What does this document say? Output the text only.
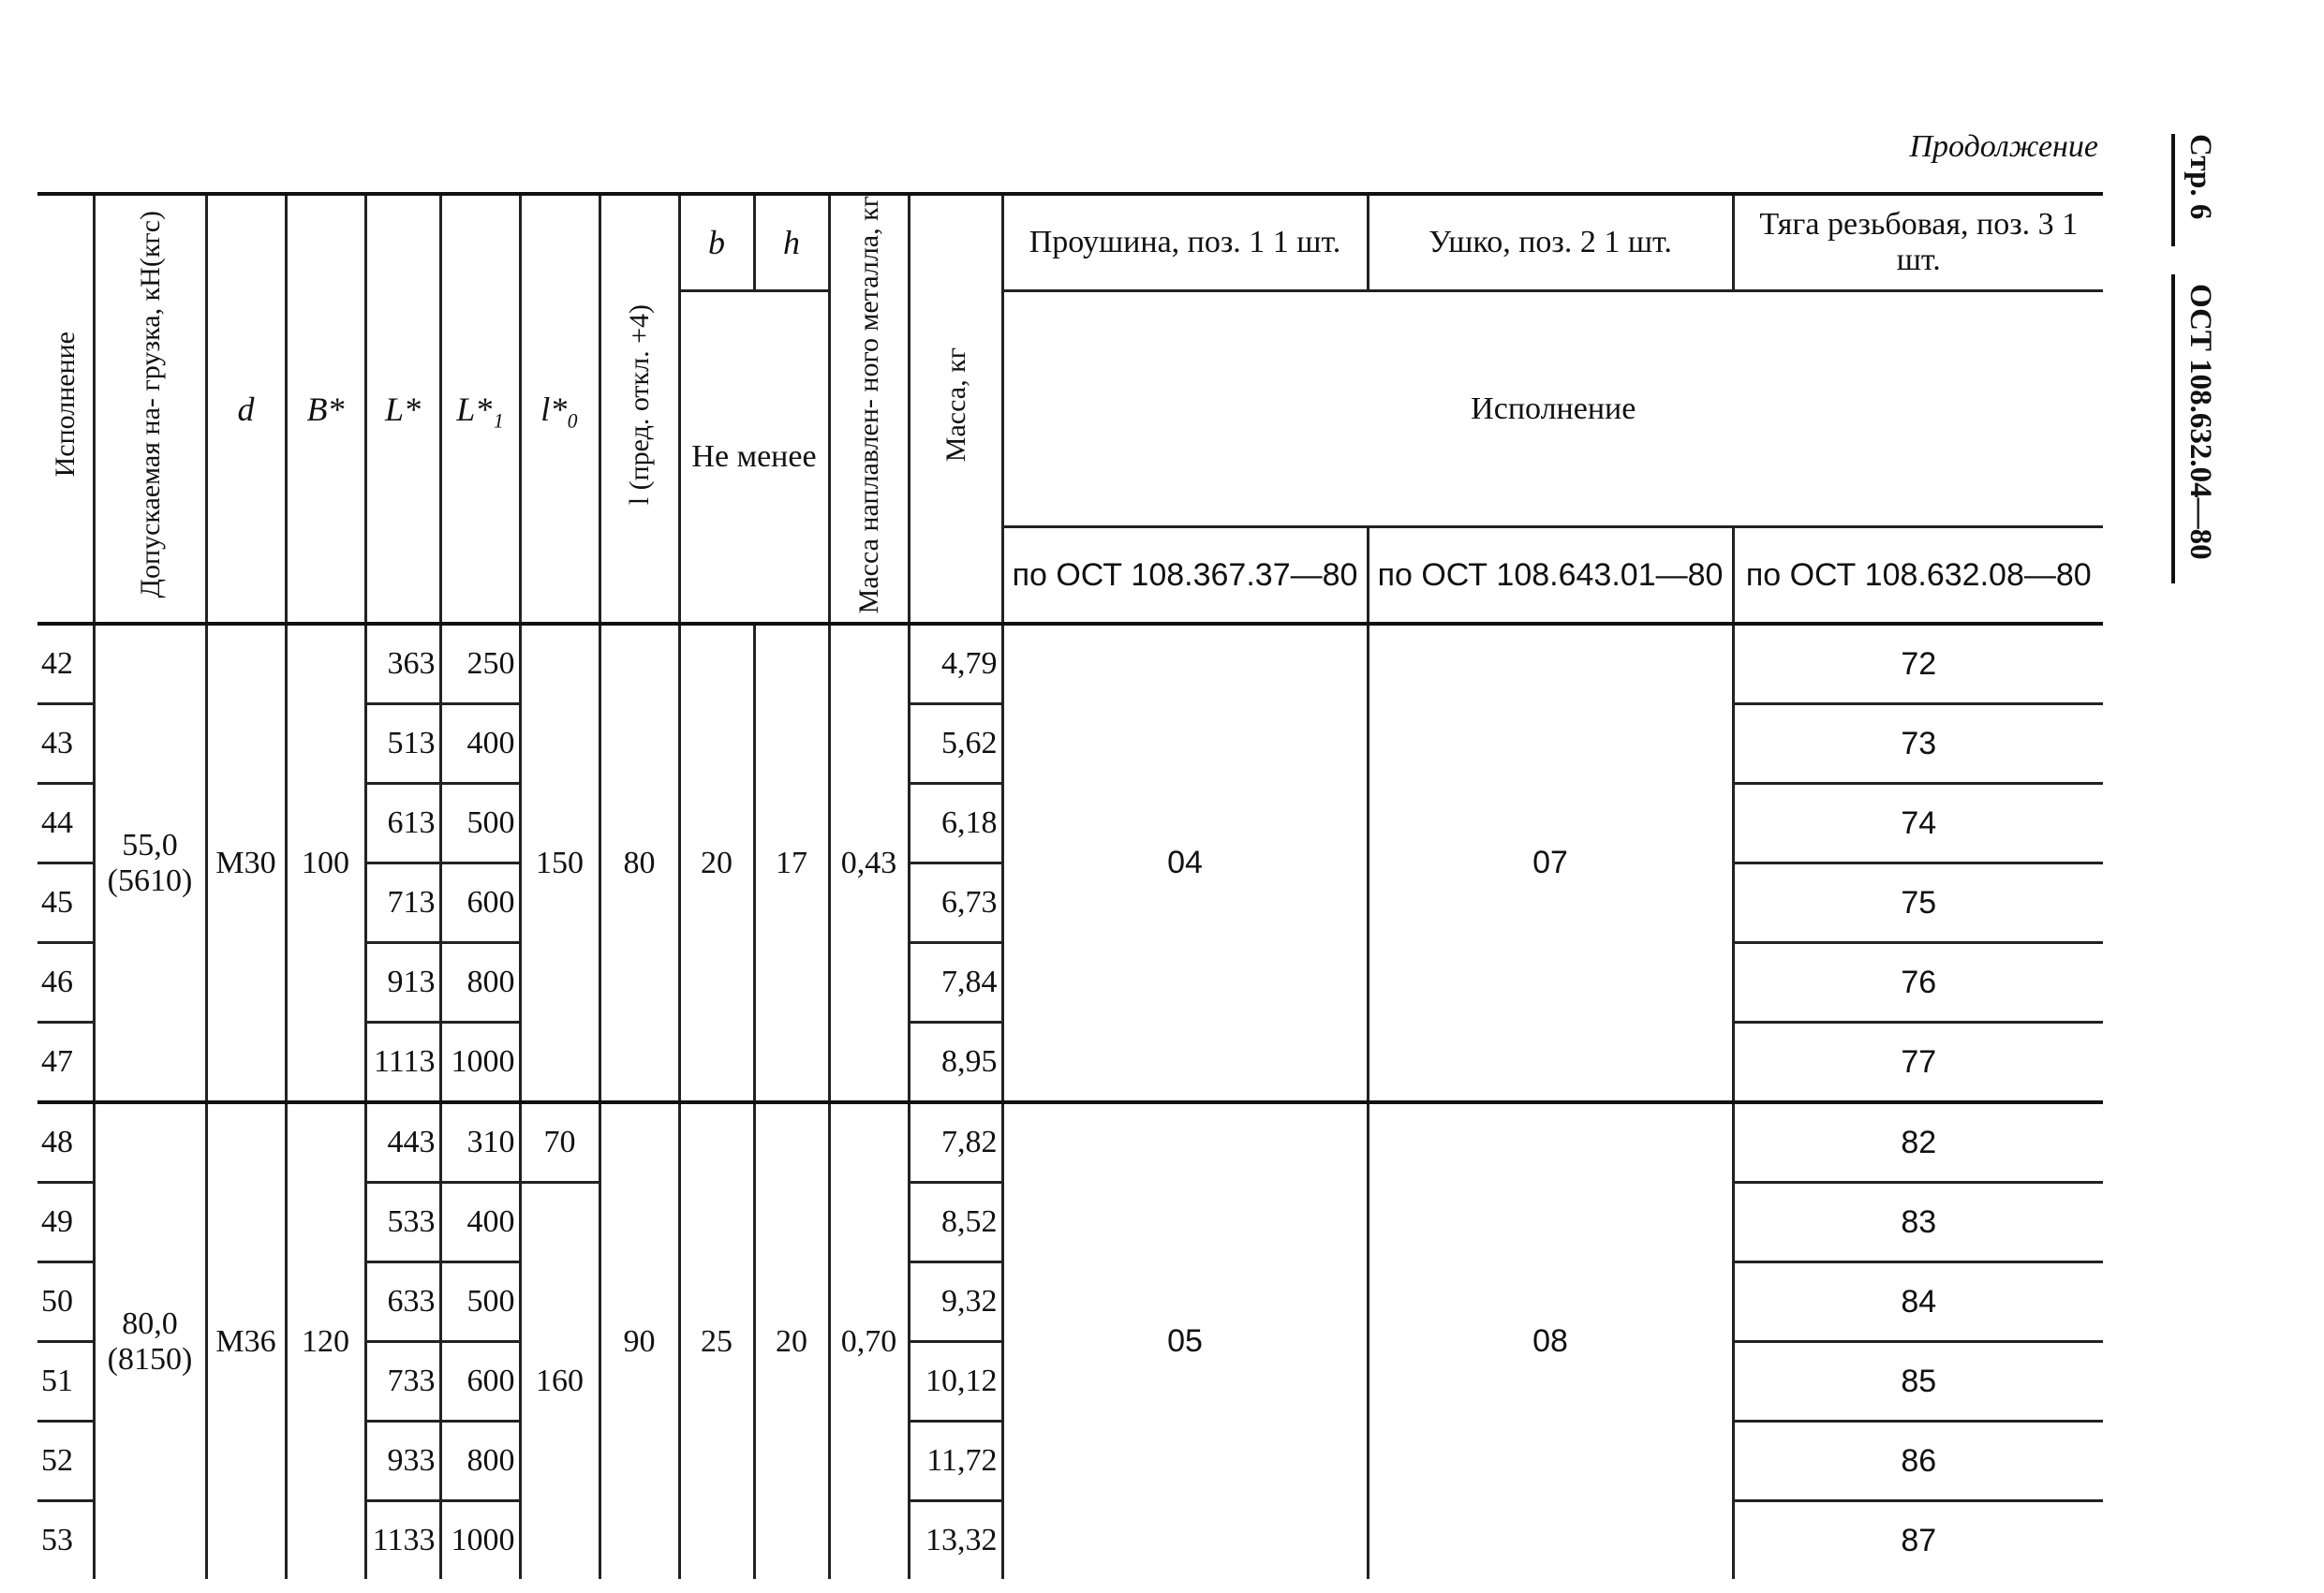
Продолжение	Стр. 6
ОСТ 108.632.04—80
Исполнение	Допускаемая на- грузка, кН(кгс)	d	B*	L*	L*₁	l*₀	l (пред. откл. +4)	b	h	Масса наплавлен- ного металла, кг	Масса, кг	Проушина, поз. 1 1 шт.	Ушко, поз. 2 1 шт.	Тяга резьбовая, поз. 3 1 шт.
								Не менее				Исполнение		
												по ОСТ 108.367.37—80	по ОСТ 108.643.01—80	по ОСТ 108.632.08—80
42	55,0 (5610)	М30	100	363	250	150	80	20	17	0,43	4,79	04	07	72
43				513	400						5,62			73
44				613	500						6,18			74
45				713	600						6,73			75
46				913	800						7,84			76
47				1113	1000						8,95			77
48	80,0 (8150)	М36	120	443	310	70	90	25	20	0,70	7,82	05	08	82
49				533	400	160					8,52			83
50				633	500						9,32			84
51				733	600						10,12			85
52				933	800						11,72			86
53				1133	1000						13,32			87
